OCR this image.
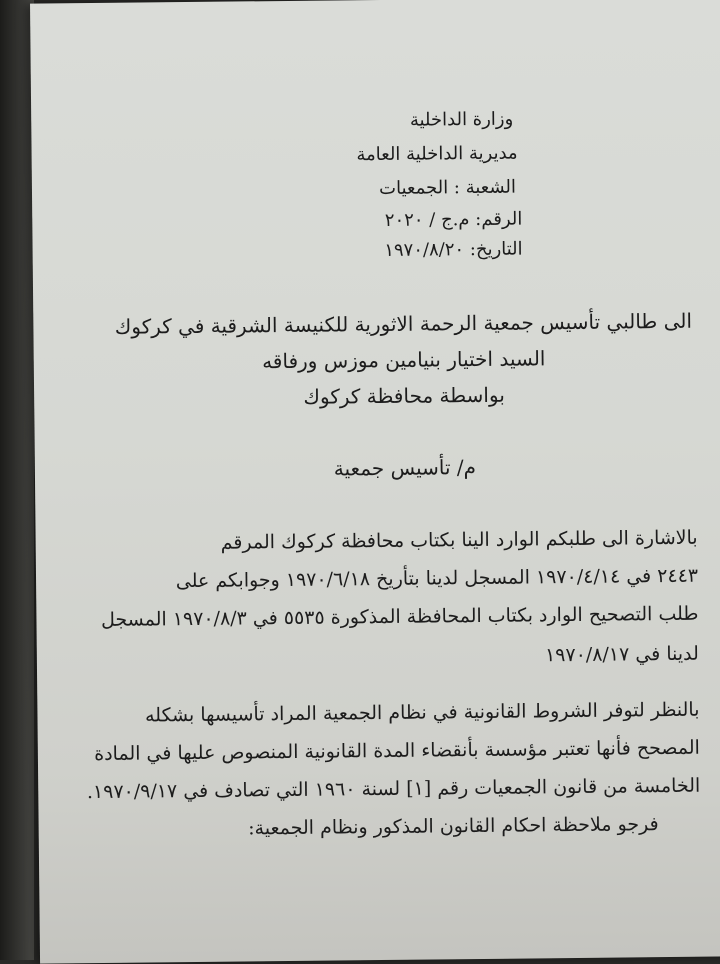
وزارة الداخلية
مديرية الداخلية العامة
الشعبة : الجمعيات
الرقم: م.ج / ٢٠٢٠
التاريخ: ١٩٧٠/٨/٢٠
الى طالبي تأسيس جمعية الرحمة الاثورية للكنيسة الشرقية في كركوك
السيد اختيار بنيامين موزس ورفاقه
بواسطة محافظة كركوك
م/ تأسيس جمعية
بالاشارة الى طلبكم الوارد الينا بكتاب محافظة كركوك المرقم
٢٤٤٣ في ١٩٧٠/٤/١٤ المسجل لدينا بتأريخ ١٩٧٠/٦/١٨ وجوابكم على
طلب التصحيح الوارد بكتاب المحافظة المذكورة ٥٥٣٥ في ١٩٧٠/٨/٣ المسجل
لدينا في ١٩٧٠/٨/١٧
بالنظر لتوفر الشروط القانونية في نظام الجمعية المراد تأسيسها بشكله
المصحح فأنها تعتبر مؤسسة بأنقضاء المدة القانونية المنصوص عليها في المادة
الخامسة من قانون الجمعيات رقم [١] لسنة ١٩٦٠ التي تصادف في ١٩٧٠/٩/١٧.
فرجو ملاحظة احكام القانون المذكور ونظام الجمعية:
